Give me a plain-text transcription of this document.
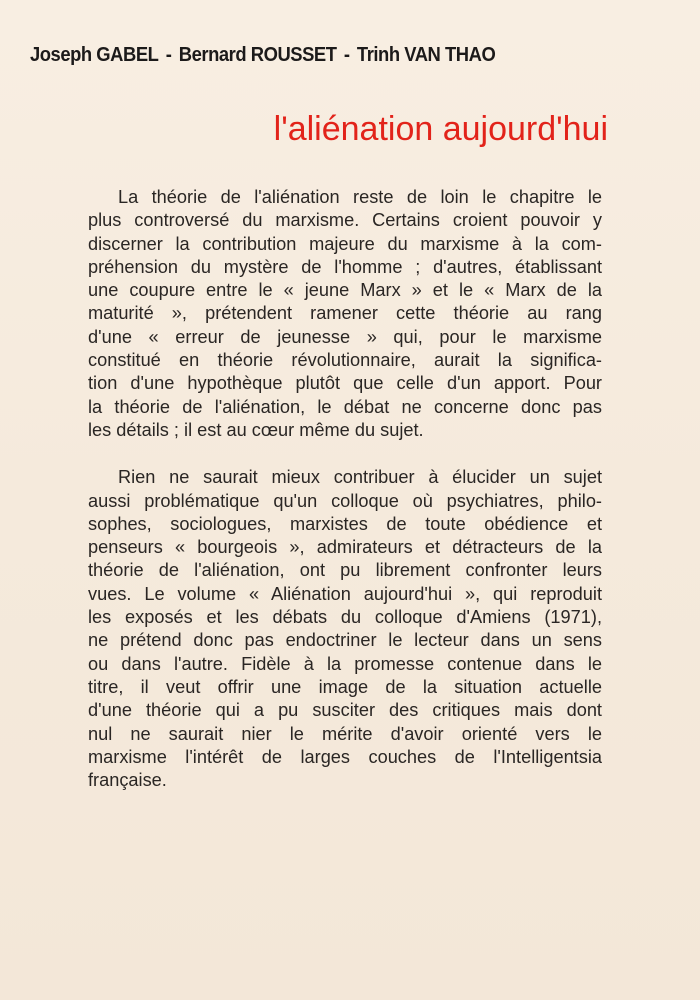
Joseph GABEL - Bernard ROUSSET - Trinh VAN THAO
l'aliénation aujourd'hui
La théorie de l'aliénation reste de loin le chapitre le
plus controversé du marxisme. Certains croient pouvoir y
discerner la contribution majeure du marxisme à la com-
préhension du mystère de l'homme ; d'autres, établissant
une coupure entre le « jeune Marx » et le « Marx de la
maturité », prétendent ramener cette théorie au rang
d'une « erreur de jeunesse » qui, pour le marxisme
constitué en théorie révolutionnaire, aurait la significa-
tion d'une hypothèque plutôt que celle d'un apport. Pour
la théorie de l'aliénation, le débat ne concerne donc pas
les détails ; il est au cœur même du sujet.
Rien ne saurait mieux contribuer à élucider un sujet
aussi problématique qu'un colloque où psychiatres, philo-
sophes, sociologues, marxistes de toute obédience et
penseurs « bourgeois », admirateurs et détracteurs de la
théorie de l'aliénation, ont pu librement confronter leurs
vues. Le volume « Aliénation aujourd'hui », qui reproduit
les exposés et les débats du colloque d'Amiens (1971),
ne prétend donc pas endoctriner le lecteur dans un sens
ou dans l'autre. Fidèle à la promesse contenue dans le
titre, il veut offrir une image de la situation actuelle
d'une théorie qui a pu susciter des critiques mais dont
nul ne saurait nier le mérite d'avoir orienté vers le
marxisme l'intérêt de larges couches de l'Intelligentsia
française.
